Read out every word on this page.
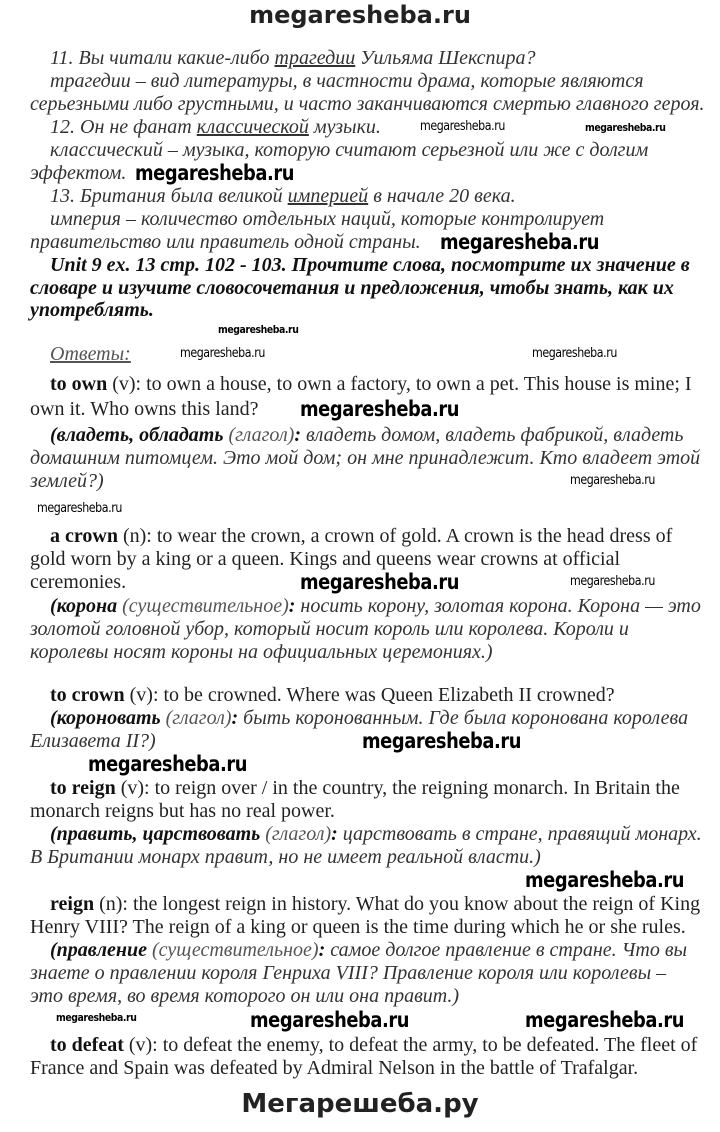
megaresheba.ru
11. Вы читали какие-либо трагедии Уильяма Шекспира?
трагедии – вид литературы, в частности драма, которые являются
серьезными либо грустными, и часто заканчиваются смертью главного героя.
12. Он не фанат классической музыки.
классический – музыка, которую считают серьезной или же с долгим
эффектом.
13. Британия была великой империей в начале 20 века.
империя – количество отдельных наций, которые контролирует
правительство или правитель одной страны.
Unit 9 ex. 13 стр. 102 - 103. Прочтите слова, посмотрите их значение в
словаре и изучите словосочетания и предложения, чтобы знать, как их
употреблять.
Ответы:
to own (v): to own a house, to own a factory, to own a pet. This house is mine; I
own it. Who owns this land?
(владеть, обладать (глагол): владеть домом, владеть фабрикой, владеть
домашним питомцем. Это мой дом; он мне принадлежит. Кто владеет этой
землей?)
a crown (n): to wear the crown, a crown of gold. A crown is the head dress of
gold worn by a king or a queen. Kings and queens wear crowns at official
ceremonies.
(корона (существительное): носить корону, золотая корона. Корона — это
золотой головной убор, который носит король или королева. Короли и
королевы носят короны на официальных церемониях.)
to crown (v): to be crowned. Where was Queen Elizabeth II crowned?
(короновать (глагол): быть коронованным. Где была коронована королева
Елизавета II?)
to reign (v): to reign over / in the country, the reigning monarch. In Britain the
monarch reigns but has no real power.
(править, царствовать (глагол): царствовать в стране, правящий монарх.
В Британии монарх правит, но не имеет реальной власти.)
reign (n): the longest reign in history. What do you know about the reign of King
Henry VIII? The reign of a king or queen is the time during which he or she rules.
(правление (существительное): самое долгое правление в стране. Что вы
знаете о правлении короля Генриха VIII? Правление короля или королевы –
это время, во время которого он или она правит.)
to defeat (v): to defeat the enemy, to defeat the army, to be defeated. The fleet of
France and Spain was defeated by Admiral Nelson in the battle of Trafalgar.
megaresheba.ru	megaresheba.ru
megaresheba.ru
megaresheba.ru
megaresheba.ru
megaresheba.ru	megaresheba.ru
megaresheba.ru
megaresheba.ru
megaresheba.ru
megaresheba.ru	megaresheba.ru
megaresheba.ru
megaresheba.ru
megaresheba.ru
megaresheba.ru	megaresheba.ru	megaresheba.ru
Мегарешеба.ру
